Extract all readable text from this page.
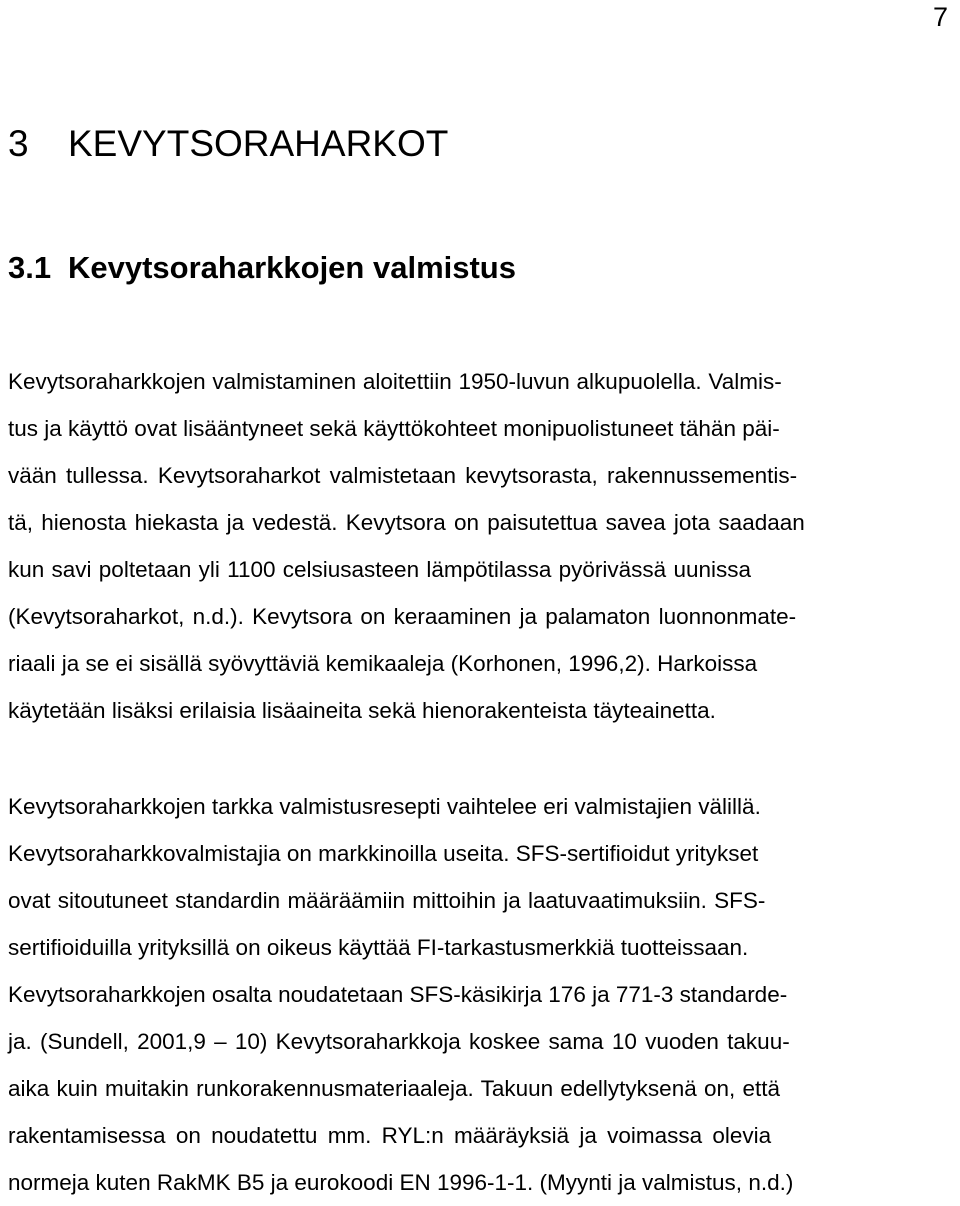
7
3 KEVYTSORAHARKOT
3.1 Kevytsoraharkkojen valmistus
Kevytsoraharkkojen valmistaminen aloitettiin 1950-luvun alkupuolella. Valmis-
tus ja käyttö ovat lisääntyneet sekä käyttökohteet monipuolistuneet tähän päi-
vään tullessa. Kevytsoraharkot valmistetaan kevytsorasta, rakennussementis-
tä, hienosta hiekasta ja vedestä. Kevytsora on paisutettua savea jota saadaan
kun savi poltetaan yli 1100 celsiusasteen lämpötilassa pyörivässä uunissa
(Kevytsoraharkot, n.d.). Kevytsora on keraaminen ja palamaton luonnonmate-
riaali ja se ei sisällä syövyttäviä kemikaaleja (Korhonen, 1996,2). Harkoissa
käytetään lisäksi erilaisia lisäaineita sekä hienorakenteista täyteainetta.
Kevytsoraharkkojen tarkka valmistusresepti vaihtelee eri valmistajien välillä.
Kevytsoraharkkovalmistajia on markkinoilla useita. SFS-sertifioidut yritykset
ovat sitoutuneet standardin määräämiin mittoihin ja laatuvaatimuksiin. SFS-
sertifioiduilla yrityksillä on oikeus käyttää FI-tarkastusmerkkiä tuotteissaan.
Kevytsoraharkkojen osalta noudatetaan SFS-käsikirja 176 ja 771-3 standarde-
ja. (Sundell, 2001,9 – 10) Kevytsoraharkkoja koskee sama 10 vuoden takuu-
aika kuin muitakin runkorakennusmateriaaleja. Takuun edellytyksenä on, että
rakentamisessa on noudatettu mm. RYL:n määräyksiä ja voimassa olevia
normeja kuten RakMK B5 ja eurokoodi EN 1996-1-1. (Myynti ja valmistus, n.d.)
